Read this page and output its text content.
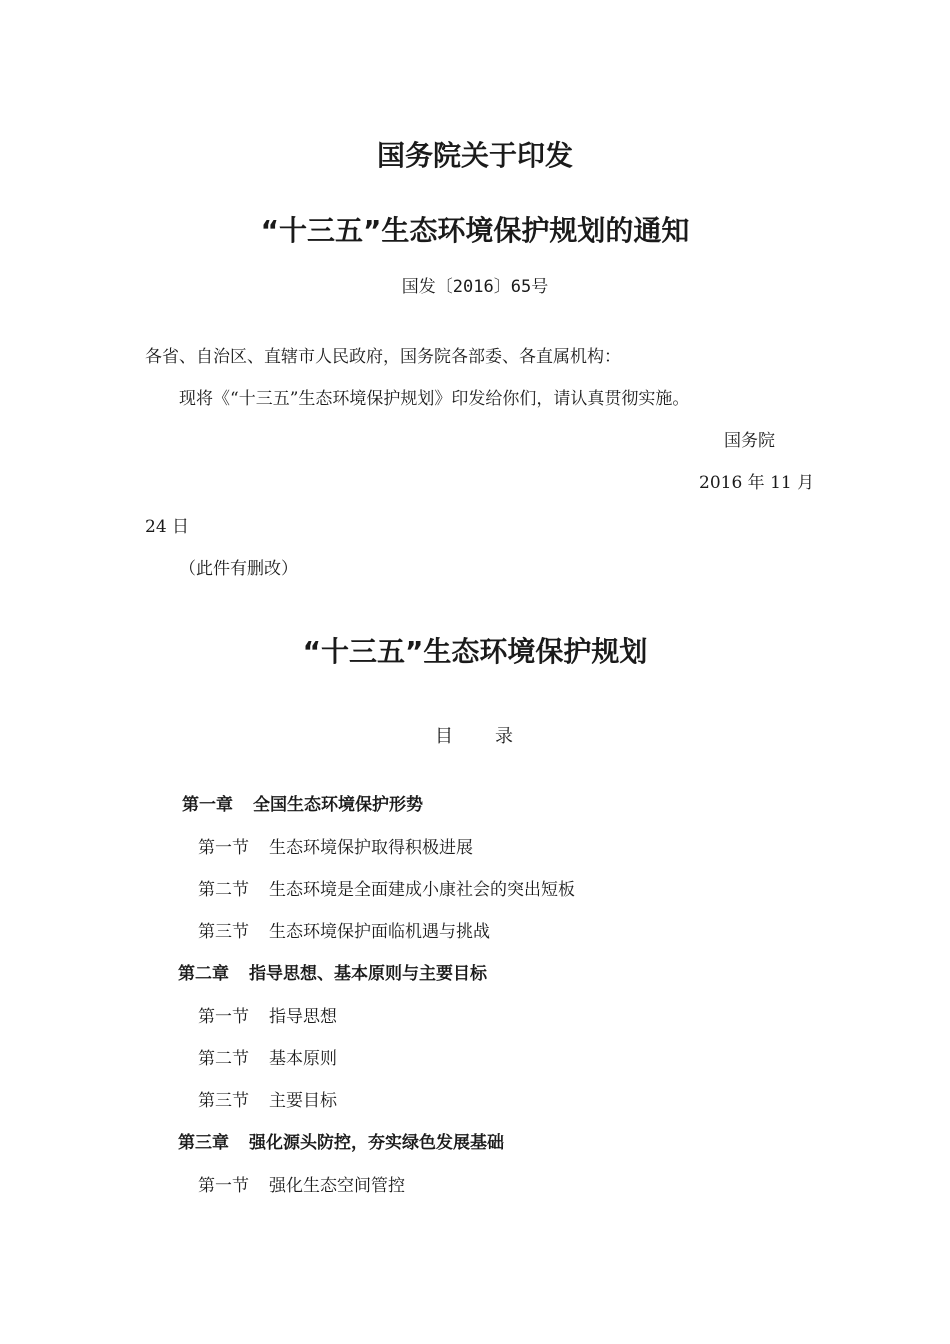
国务院关于印发
“十三五”生态环境保护规划的通知
国发〔2016〕65号
各省、自治区、直辖市人民政府，国务院各部委、各直属机构：
现将《“十三五”生态环境保护规划》印发给你们，请认真贯彻实施。
国务院
2016 年 11 月
24 日
（此件有删改）
“十三五”生态环境保护规划
目 录
第一章 全国生态环境保护形势
第一节 生态环境保护取得积极进展
第二节 生态环境是全面建成小康社会的突出短板
第三节 生态环境保护面临机遇与挑战
第二章 指导思想、基本原则与主要目标
第一节 指导思想
第二节 基本原则
第三节 主要目标
第三章 强化源头防控，夯实绿色发展基础
第一节 强化生态空间管控
